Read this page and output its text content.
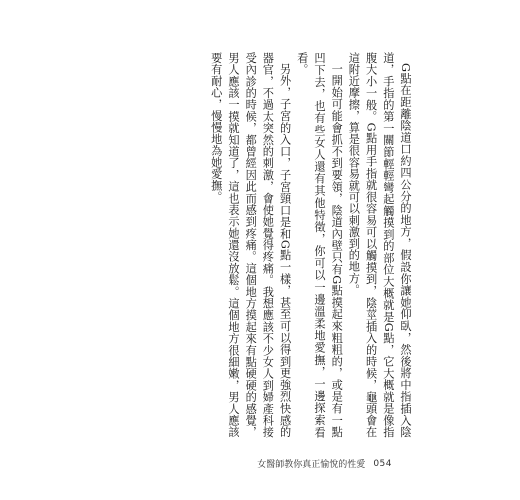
G點在距離陰道口約四公分的地方，假設你讓她仰臥，然後將中指插入陰道，手指的第一關節輕輕彎起觸摸到的部位大概就是G點，它大概就是像指腹大小一般。G點用手指就很容易可以觸摸到，陰莖插入的時候，龜頭會在這附近摩擦，算是很容易就可以刺激到的地方。

一開始可能會抓不到要領，陰道內壁只有G點摸起來粗粗的，或是有一點凹下去，也有些女人還有其他特徵，你可以一邊溫柔地愛撫，一邊探索看看。

另外，子宮的入口，子宮頸口是和G點一樣，甚至可以得到更強烈快感的器官，不過太突然的刺激，會使她覺得疼痛。我想應該不少女人到婦產科接受內診的時候，都曾經因此而感到疼痛。這個地方摸起來有點硬硬的感覺，男人應該一摸就知道了，這也表示她還沒放鬆。這個地方很細嫩，男人應該要有耐心，慢慢地為她愛撫。

女醫師教你真正愉悅的性愛 054
